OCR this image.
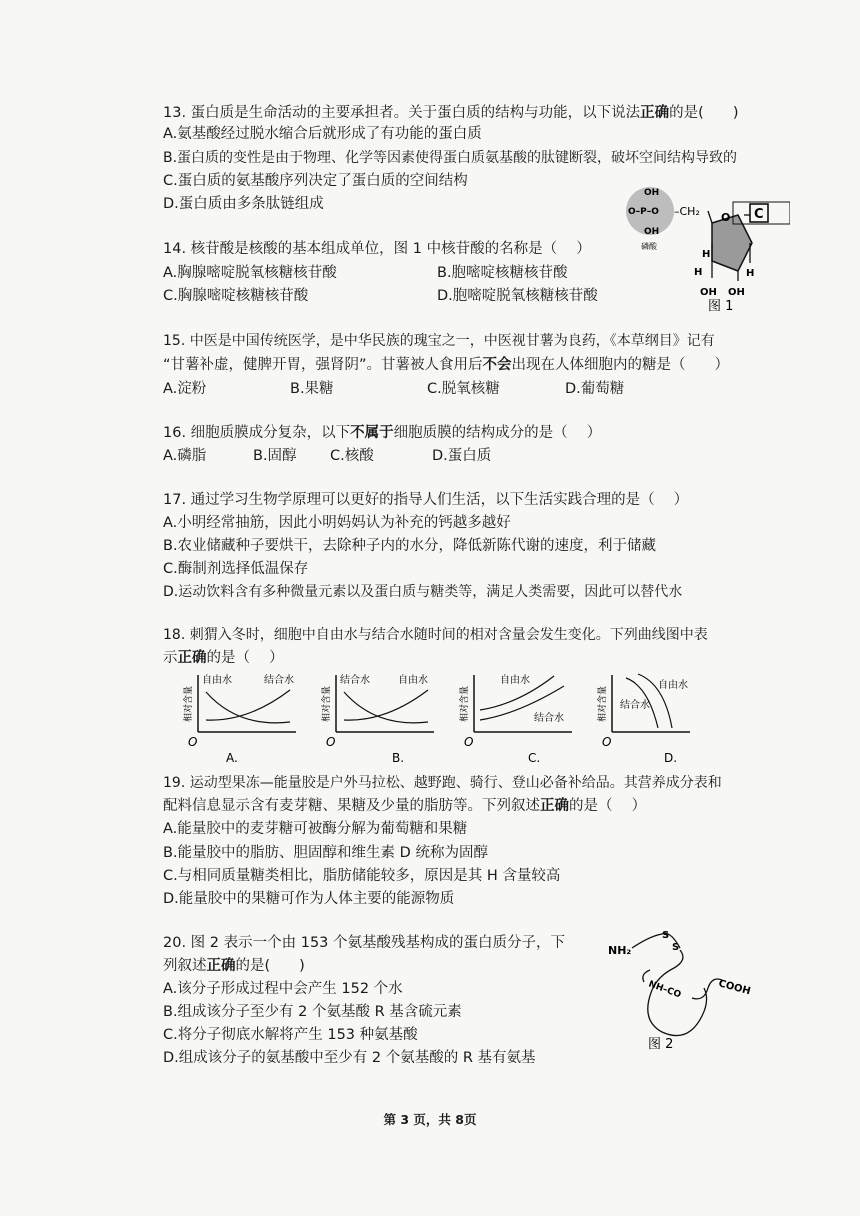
13. 蛋白质是生命活动的主要承担者。关于蛋白质的结构与功能，以下说法正确的是(　　)
A.氨基酸经过脱水缩合后就形成了有功能的蛋白质
B.蛋白质的变性是由于物理、化学等因素使得蛋白质氨基酸的肽键断裂，破坏空间结构导致的
C.蛋白质的氨基酸序列决定了蛋白质的空间结构
D.蛋白质由多条肽链组成
OH
O–P–O
OH
–CH₂
磷酸
O C
H
H	H
OH OH
图 1
14. 核苷酸是核酸的基本组成单位，图 1 中核苷酸的名称是（　 ）
A.胸腺嘧啶脱氧核糖核苷酸	B.胞嘧啶核糖核苷酸
C.胸腺嘧啶核糖核苷酸	D.胞嘧啶脱氧核糖核苷酸
15. 中医是中国传统医学，是中华民族的瑰宝之一，中医视甘薯为良药，《本草纲目》记有
“甘薯补虚，健脾开胃，强肾阴”。甘薯被人食用后不会出现在人体细胞内的糖是（　　）
A.淀粉	B.果糖	C.脱氧核糖	D.葡萄糖
16. 细胞质膜成分复杂，以下不属于细胞质膜的结构成分的是（　 ）
A.磷脂	B.固醇 C.核酸	D.蛋白质
17. 通过学习生物学原理可以更好的指导人们生活，以下生活实践合理的是（　 ）
A.小明经常抽筋，因此小明妈妈认为补充的钙越多越好
B.农业储藏种子要烘干，去除种子内的水分，降低新陈代谢的速度，利于储藏
C.酶制剂选择低温保存
D.运动饮料含有多种微量元素以及蛋白质与糖类等，满足人类需要，因此可以替代水
18. 刺猬入冬时，细胞中自由水与结合水随时间的相对含量会发生变化。下列曲线图中表
示正确的是（　 ）
相对含量
O
自由水	结合水
A.
相对含量
O
结合水	自由水
B.
相对含量
O
自由水
结合水
C.
相对含量
O
自由水
结合水
D.
19. 运动型果冻—能量胶是户外马拉松、越野跑、骑行、登山必备补给品。其营养成分表和
配料信息显示含有麦芽糖、果糖及少量的脂肪等。下列叙述正确的是（　 ）
A.能量胶中的麦芽糖可被酶分解为葡萄糖和果糖
B.能量胶中的脂肪、胆固醇和维生素 D 统称为固醇
C.与相同质量糖类相比，脂肪储能较多，原因是其 H 含量较高
D.能量胶中的果糖可作为人体主要的能源物质
20. 图 2 表示一个由 153 个氨基酸残基构成的蛋白质分子，下
列叙述正确的是(　　)
A.该分子形成过程中会产生 152 个水
B.组成该分子至少有 2 个氨基酸 R 基含硫元素
C.将分子彻底水解将产生 153 种氨基酸
D.组成该分子的氨基酸中至少有 2 个氨基酸的 R 基有氨基
NH₂
S
S
NH–CO	COOH
图 2
第 3 页，共 8页
